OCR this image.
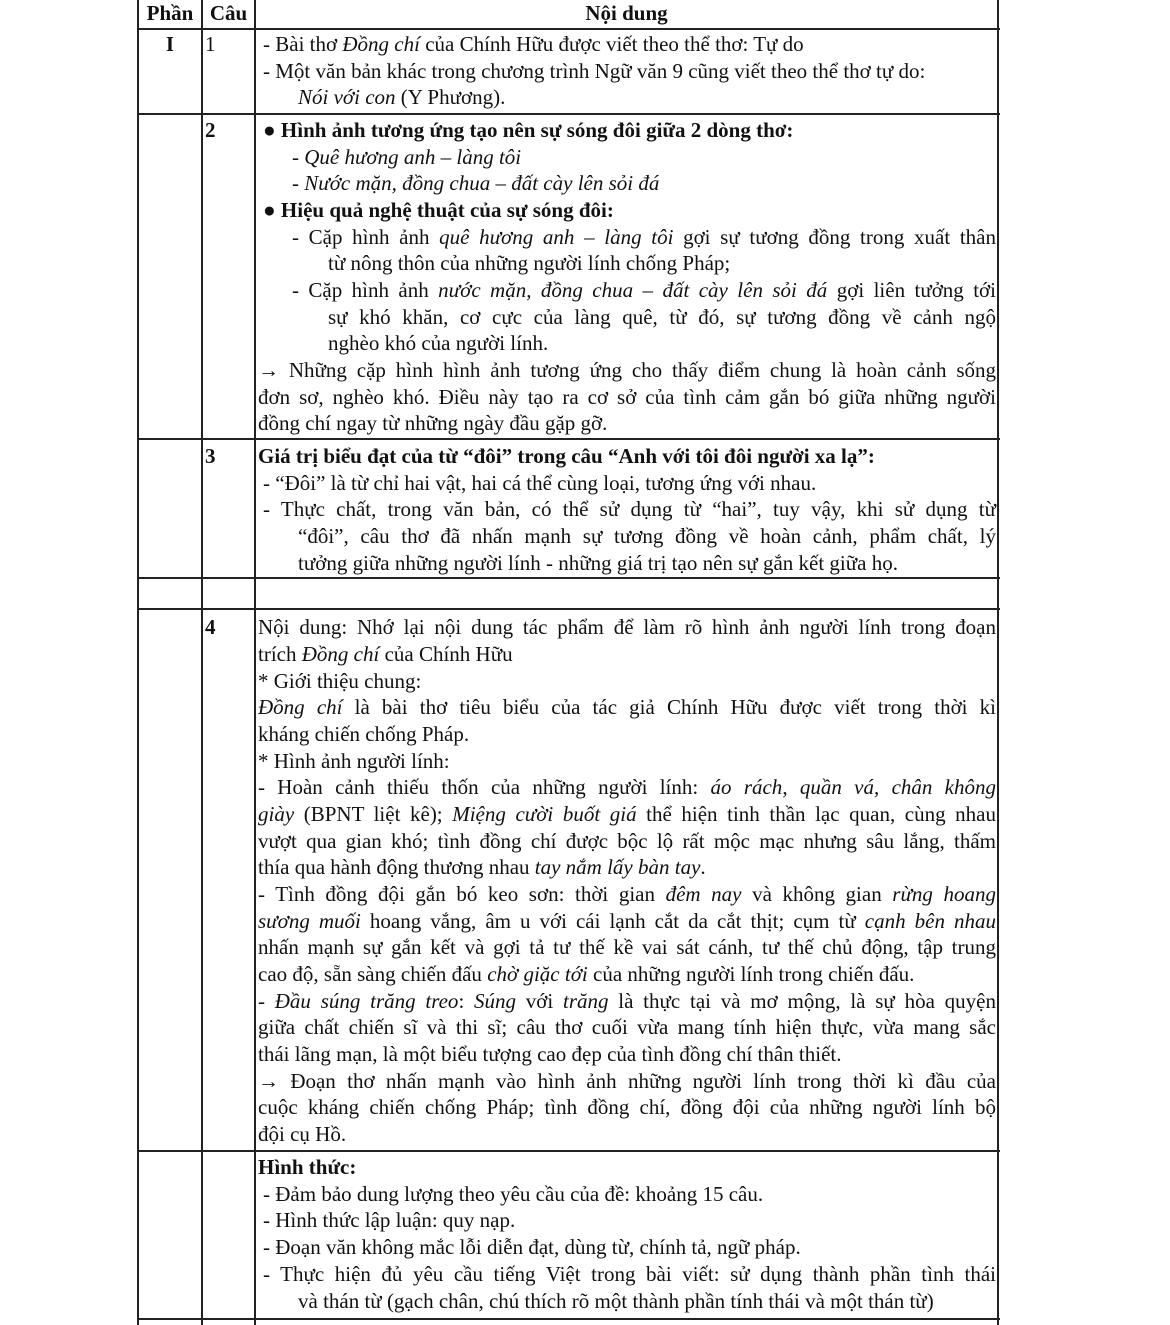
Phần Câu	Nội dung
I	1 - Bài thơ Đồng chí của Chính Hữu được viết theo thể thơ: Tự do
- Một văn bản khác trong chương trình Ngữ văn 9 cũng viết theo thể thơ tự do:
Nói với con (Y Phương).
2 ● Hình ảnh tương ứng tạo nên sự sóng đôi giữa 2 dòng thơ:
- Quê hương anh – làng tôi
- Nước mặn, đồng chua – đất cày lên sỏi đá
● Hiệu quả nghệ thuật của sự sóng đôi:
- Cặp hình ảnh quê hương anh – làng tôi gợi sự tương đồng trong xuất thân
từ nông thôn của những người lính chống Pháp;
- Cặp hình ảnh nước mặn, đồng chua – đất cày lên sỏi đá gợi liên tưởng tới
sự khó khăn, cơ cực của làng quê, từ đó, sự tương đồng về cảnh ngộ
nghèo khó của người lính.
→ Những cặp hình hình ảnh tương ứng cho thấy điểm chung là hoàn cảnh sống
đơn sơ, nghèo khó. Điều này tạo ra cơ sở của tình cảm gắn bó giữa những người
đồng chí ngay từ những ngày đầu gặp gỡ.
3 Giá trị biểu đạt của từ “đôi” trong câu “Anh với tôi đôi người xa lạ”:
- “Đôi” là từ chỉ hai vật, hai cá thể cùng loại, tương ứng với nhau.
- Thực chất, trong văn bản, có thể sử dụng từ “hai”, tuy vậy, khi sử dụng từ
“đôi”, câu thơ đã nhấn mạnh sự tương đồng về hoàn cảnh, phẩm chất, lý
tưởng giữa những người lính - những giá trị tạo nên sự gắn kết giữa họ.
4 Nội dung: Nhớ lại nội dung tác phẩm để làm rõ hình ảnh người lính trong đoạn
trích Đồng chí của Chính Hữu
* Giới thiệu chung:
Đồng chí là bài thơ tiêu biểu của tác giả Chính Hữu được viết trong thời kì
kháng chiến chống Pháp.
* Hình ảnh người lính:
- Hoàn cảnh thiếu thốn của những người lính: áo rách, quần vá, chân không
giày (BPNT liệt kê); Miệng cười buốt giá thể hiện tinh thần lạc quan, cùng nhau
vượt qua gian khó; tình đồng chí được bộc lộ rất mộc mạc nhưng sâu lắng, thấm
thía qua hành động thương nhau tay nắm lấy bàn tay.
- Tình đồng đội gắn bó keo sơn: thời gian đêm nay và không gian rừng hoang
sương muối hoang vắng, âm u với cái lạnh cắt da cắt thịt; cụm từ cạnh bên nhau
nhấn mạnh sự gắn kết và gợi tả tư thế kề vai sát cánh, tư thế chủ động, tập trung
cao độ, sẵn sàng chiến đấu chờ giặc tới của những người lính trong chiến đấu.
- Đầu súng trăng treo: Súng với trăng là thực tại và mơ mộng, là sự hòa quyện
giữa chất chiến sĩ và thi sĩ; câu thơ cuối vừa mang tính hiện thực, vừa mang sắc
thái lãng mạn, là một biểu tượng cao đẹp của tình đồng chí thân thiết.
→ Đoạn thơ nhấn mạnh vào hình ảnh những người lính trong thời kì đầu của
cuộc kháng chiến chống Pháp; tình đồng chí, đồng đội của những người lính bộ
đội cụ Hồ.
Hình thức:
- Đảm bảo dung lượng theo yêu cầu của đề: khoảng 15 câu.
- Hình thức lập luận: quy nạp.
- Đoạn văn không mắc lỗi diễn đạt, dùng từ, chính tả, ngữ pháp.
- Thực hiện đủ yêu cầu tiếng Việt trong bài viết: sử dụng thành phần tình thái
và thán từ (gạch chân, chú thích rõ một thành phần tính thái và một thán từ)
